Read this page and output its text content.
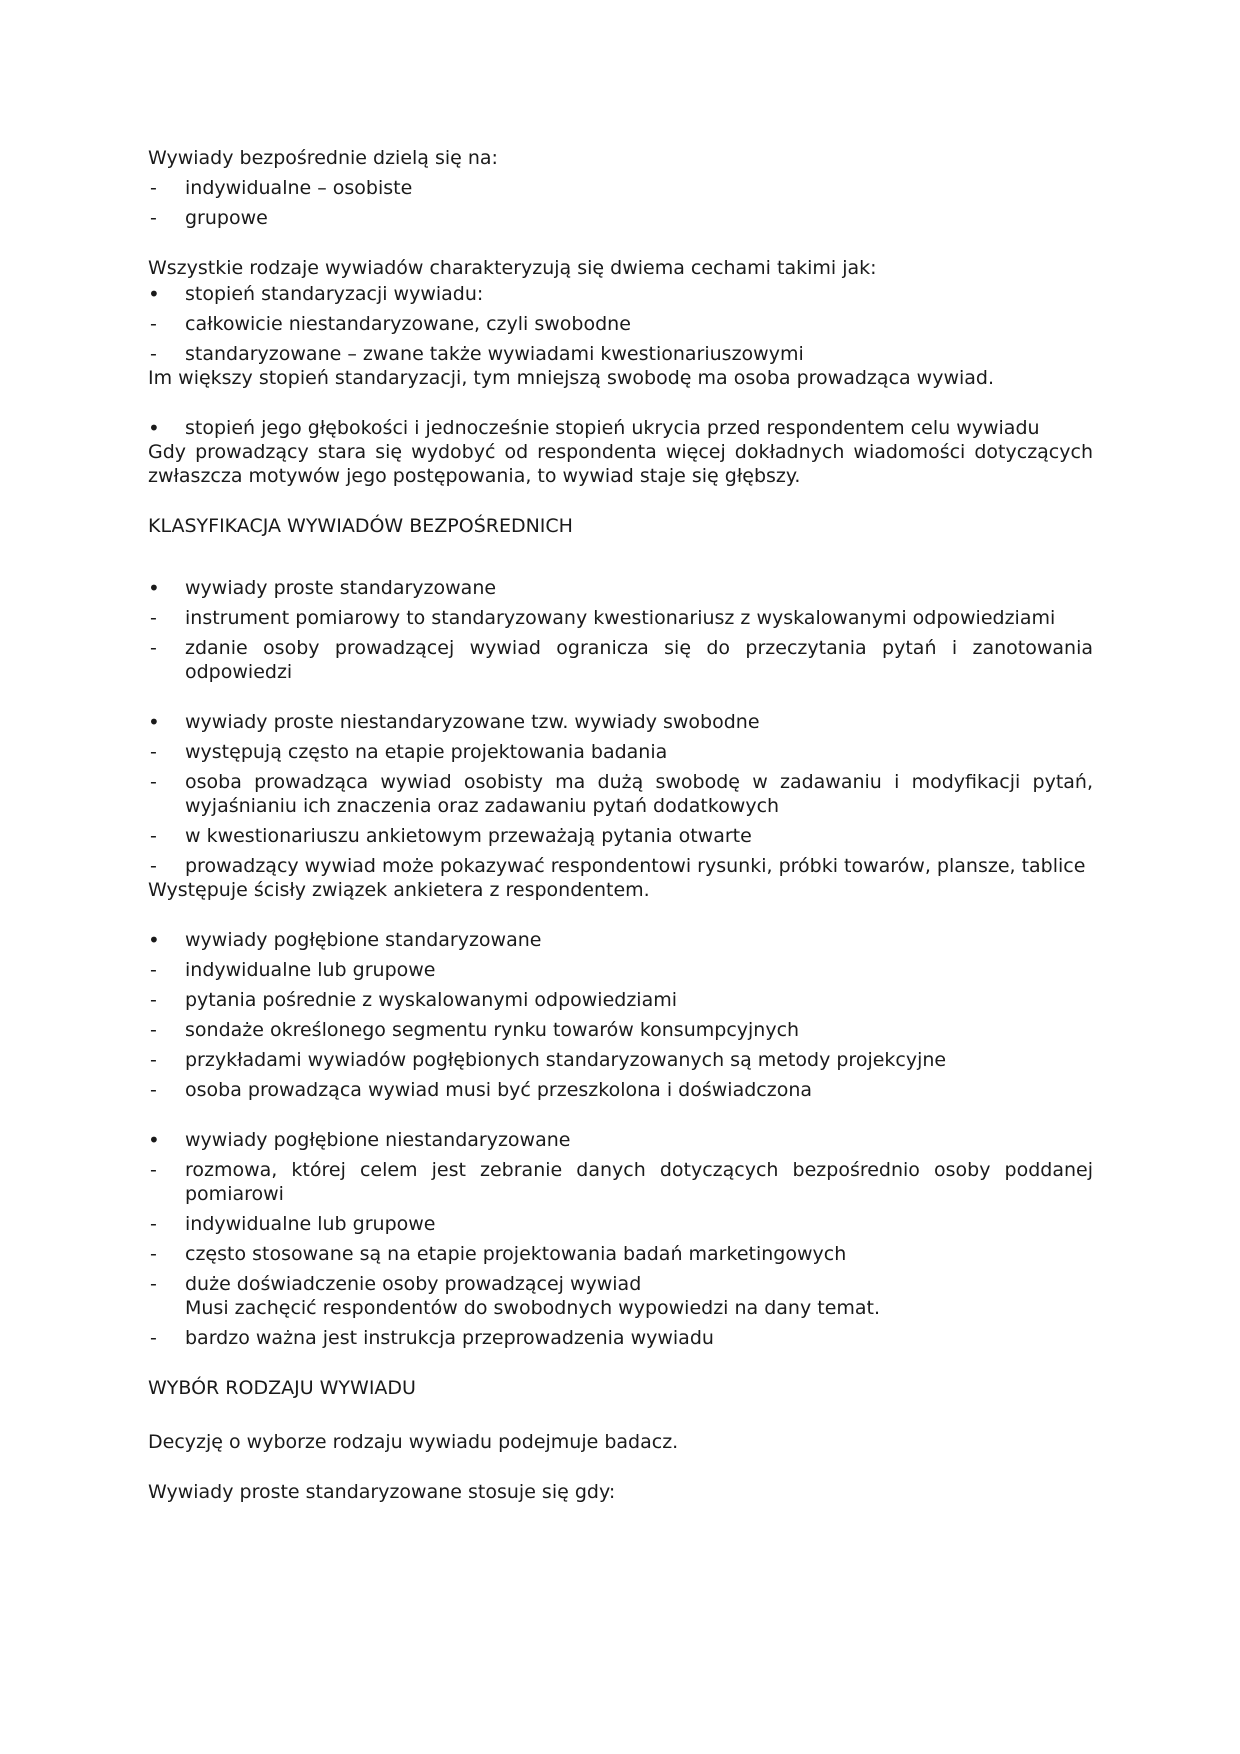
Wywiady bezpośrednie dzielą się na:

-	indywidualne – osobiste
-	grupowe

Wszystkie rodzaje wywiadów charakteryzują się dwiema cechami takimi jak:

•	stopień standaryzacji wywiadu:
-	całkowicie niestandaryzowane, czyli swobodne
-	standaryzowane – zwane także wywiadami kwestionariuszowymi

Im większy stopień standaryzacji, tym mniejszą swobodę ma osoba prowadząca wywiad.

•	stopień jego głębokości i jednocześnie stopień ukrycia przed respondentem celu wywiadu

Gdy prowadzący stara się wydobyć od respondenta więcej dokładnych wiadomości dotyczących zwłaszcza motywów jego postępowania, to wywiad staje się głębszy.

KLASYFIKACJA WYWIADÓW BEZPOŚREDNICH

•	wywiady proste standaryzowane
-	instrument pomiarowy to standaryzowany kwestionariusz z wyskalowanymi odpowiedziami
-	zdanie osoby prowadzącej wywiad ogranicza się do przeczytania pytań i zanotowania odpowiedzi
•	wywiady proste niestandaryzowane tzw. wywiady swobodne
-	występują często na etapie projektowania badania
-	osoba prowadząca wywiad osobisty ma dużą swobodę w zadawaniu i modyfikacji pytań, wyjaśnianiu ich znaczenia oraz zadawaniu pytań dodatkowych
-	w kwestionariuszu ankietowym przeważają pytania otwarte
-	prowadzący wywiad może pokazywać respondentowi rysunki, próbki towarów, plansze, tablice

Występuje ścisły związek ankietera z respondentem.

•	wywiady pogłębione standaryzowane
-	indywidualne lub grupowe
-	pytania pośrednie z wyskalowanymi odpowiedziami
-	sondaże określonego segmentu rynku towarów konsumpcyjnych
-	przykładami wywiadów pogłębionych standaryzowanych są metody projekcyjne
-	osoba prowadząca wywiad musi być przeszkolona i doświadczona
•	wywiady pogłębione niestandaryzowane
-	rozmowa, której celem jest zebranie danych dotyczących bezpośrednio osoby poddanej pomiarowi
-	indywidualne lub grupowe
-	często stosowane są na etapie projektowania badań marketingowych
-	duże doświadczenie osoby prowadzącej wywiad
Musi zachęcić respondentów do swobodnych wypowiedzi na dany temat.
-	bardzo ważna jest instrukcja przeprowadzenia wywiadu

WYBÓR RODZAJU WYWIADU

Decyzję o wyborze rodzaju wywiadu podejmuje badacz.

Wywiady proste standaryzowane stosuje się gdy:
